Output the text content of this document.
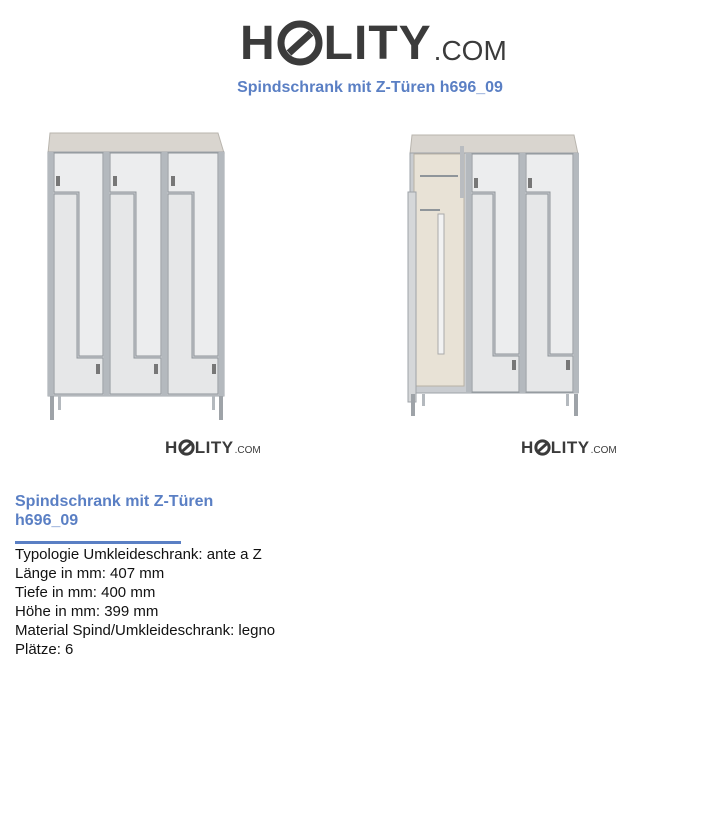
H LITY .COM
Spindschrank mit Z-Türen h696_09
H LITY .COM	H LITY .COM
Spindschrank mit Z-Türen h696_09
Typologie Umkleideschrank: ante a Z
Länge in mm: 407 mm
Tiefe in mm: 400 mm
Höhe in mm: 399 mm
Material Spind/Umkleideschrank: legno
Plätze: 6
